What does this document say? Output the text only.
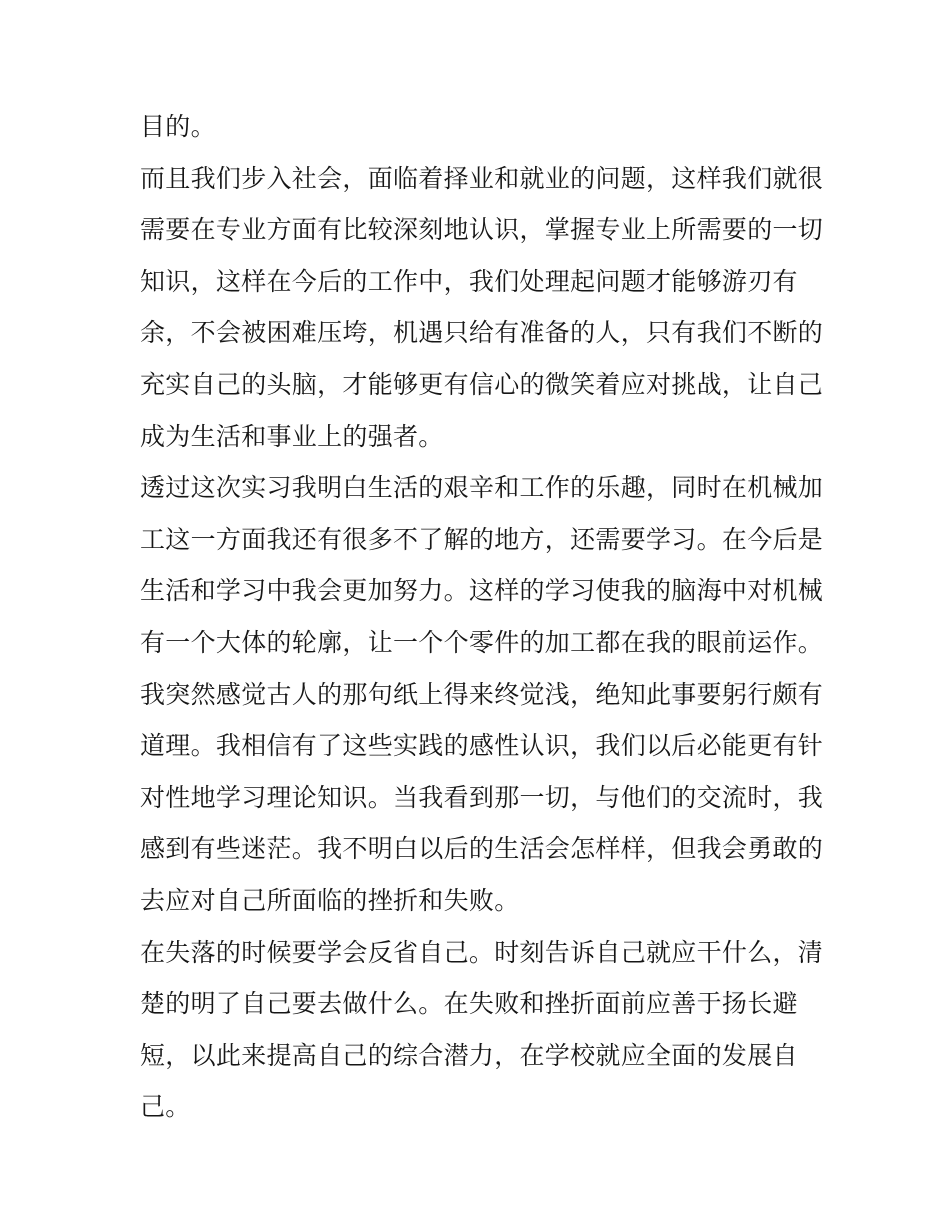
目的。
而且我们步入社会，面临着择业和就业的问题，这样我们就很
需要在专业方面有比较深刻地认识，掌握专业上所需要的一切
知识，这样在今后的工作中，我们处理起问题才能够游刃有
余，不会被困难压垮，机遇只给有准备的人，只有我们不断的
充实自己的头脑，才能够更有信心的微笑着应对挑战，让自己
成为生活和事业上的强者。
透过这次实习我明白生活的艰辛和工作的乐趣，同时在机械加
工这一方面我还有很多不了解的地方，还需要学习。在今后是
生活和学习中我会更加努力。这样的学习使我的脑海中对机械
有一个大体的轮廓，让一个个零件的加工都在我的眼前运作。
我突然感觉古人的那句纸上得来终觉浅，绝知此事要躬行颇有
道理。我相信有了这些实践的感性认识，我们以后必能更有针
对性地学习理论知识。当我看到那一切，与他们的交流时，我
感到有些迷茫。我不明白以后的生活会怎样样，但我会勇敢的
去应对自己所面临的挫折和失败。
在失落的时候要学会反省自己。时刻告诉自己就应干什么，清
楚的明了自己要去做什么。在失败和挫折面前应善于扬长避
短，以此来提高自己的综合潜力，在学校就应全面的发展自
己。
